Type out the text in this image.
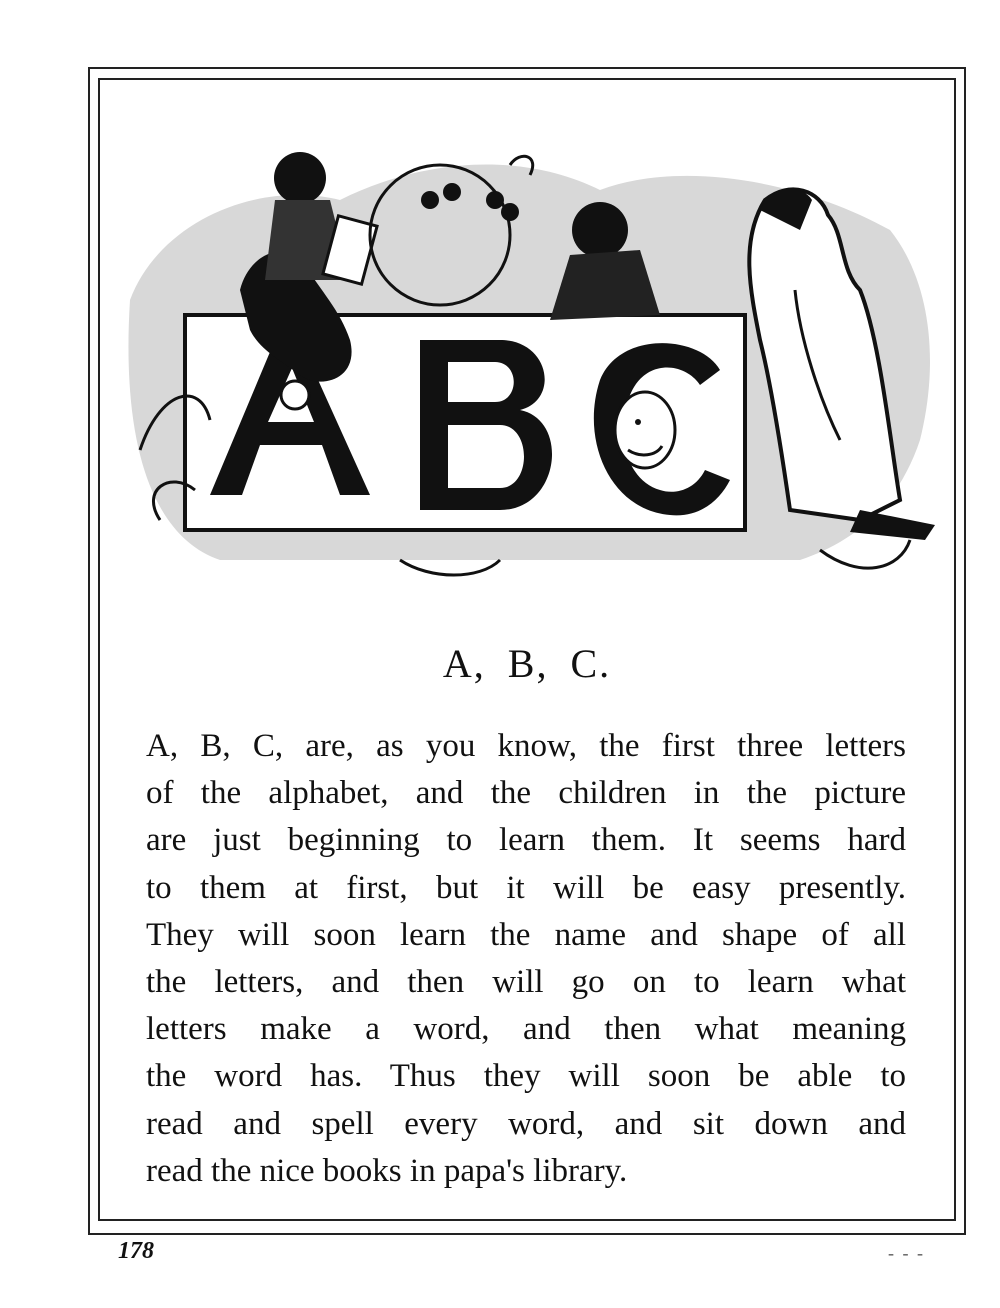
A, B, C.
A, B, C, are, as you know, the first three letters
of the alphabet, and the children in the picture
are just beginning to learn them. It seems hard
to them at first, but it will be easy presently.
They will soon learn the name and shape of all
the letters, and then will go on to learn what
letters make a word, and then what meaning
the word has. Thus they will soon be able to
read and spell every word, and sit down and
read the nice books in papa's library.
178	- - -
